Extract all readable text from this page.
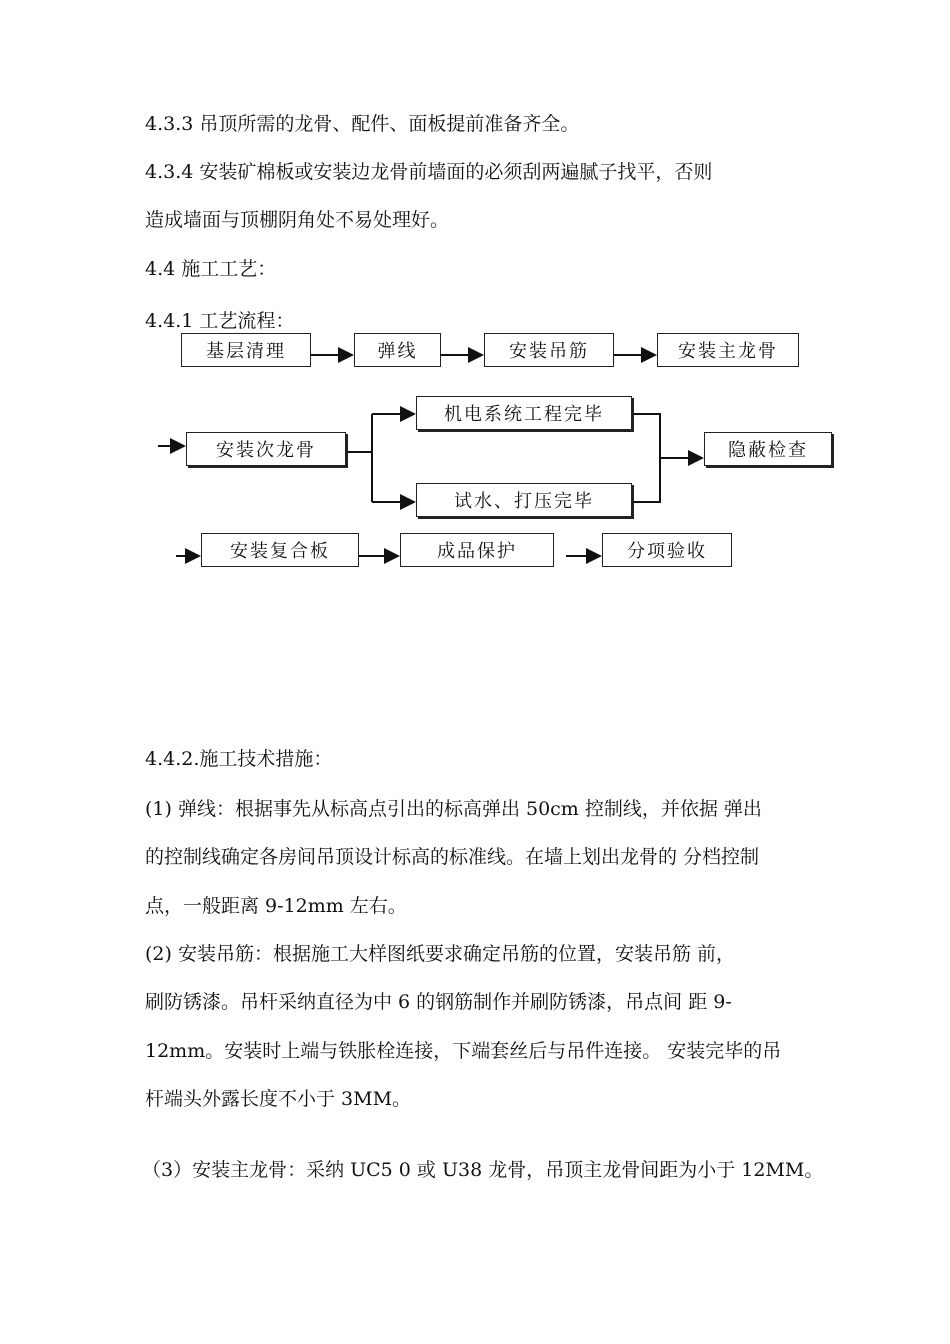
4.3.3 吊顶所需的龙骨、配件、面板提前准备齐全。
4.3.4 安装矿棉板或安装边龙骨前墙面的必须刮两遍腻子找平，否则
造成墙面与顶棚阴角处不易处理好。
4.4 施工工艺：
4.4.1 工艺流程：
基层清理	弹线	安装吊筋	安装主龙骨
安装次龙骨
机电系统工程完毕
试水、打压完毕
隐蔽检查
安装复合板	成品保护	分项验收
4.4.2.施工技术措施：
(1) 弹线：根据事先从标高点引出的标高弹出 50cm 控制线，并依据 弹出
的控制线确定各房间吊顶设计标高的标准线。在墙上划出龙骨的 分档控制
点，一般距离 9-12mm 左右。
(2) 安装吊筋：根据施工大样图纸要求确定吊筋的位置，安装吊筋 前，
刷防锈漆。吊杆采纳直径为中 6 的钢筋制作并刷防锈漆，吊点间 距 9-
12mm。安装时上端与铁胀栓连接，下端套丝后与吊件连接。 安装完毕的吊
杆端头外露长度不小于 3MM。
（3）安装主龙骨：采纳 UC5 0 或 U38 龙骨，吊顶主龙骨间距为小于 12MM。
